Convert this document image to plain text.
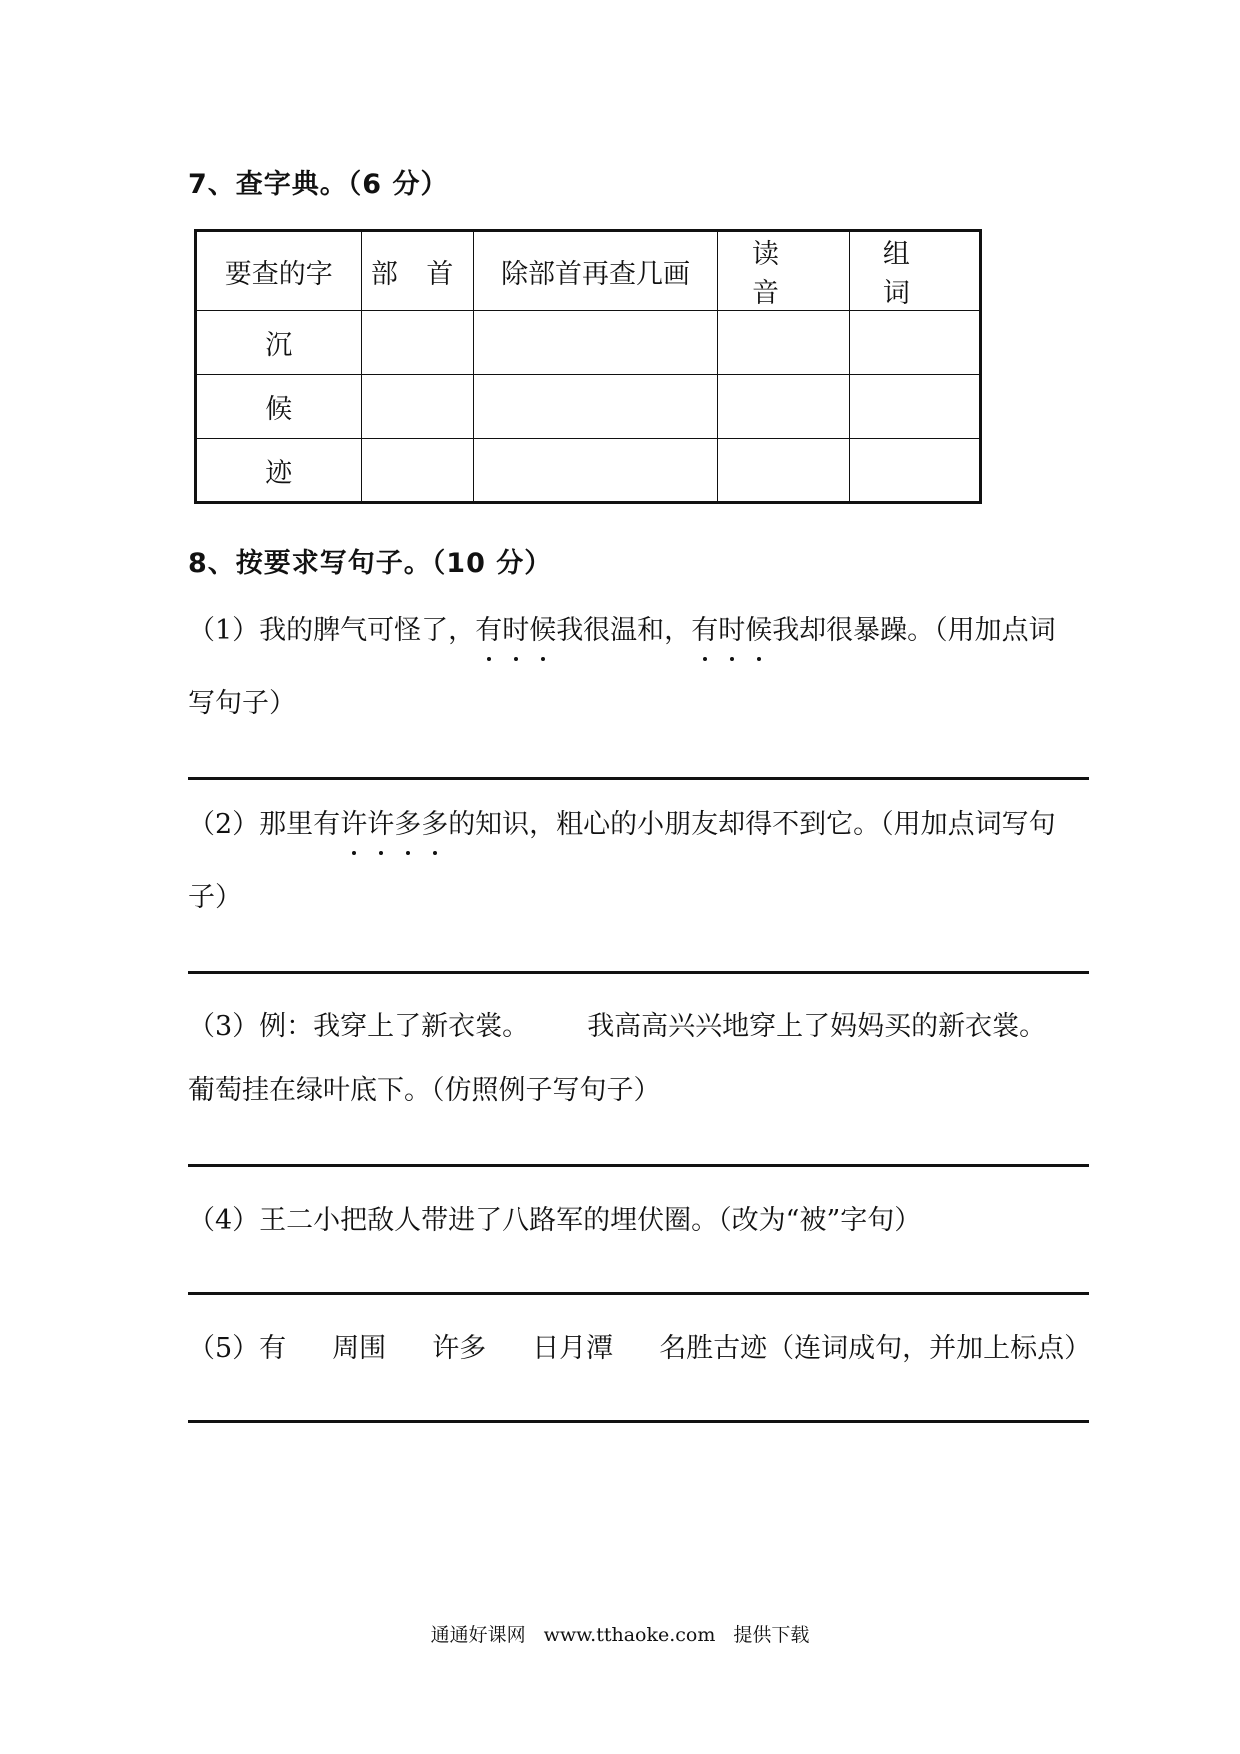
7、查字典。（6 分）
要查的字	部 首	除部首再查几画	读 音	组 词
沉				
候				
迹				
8、按要求写句子。（10 分）
（1）我的脾气可怪了，有时候我很温和，有时候我却很暴躁。（用加点词
写句子）
（2）那里有许许多多的知识，粗心的小朋友却得不到它。（用加点词写句
子）
（3）例：我穿上了新衣裳。 我高高兴兴地穿上了妈妈买的新衣裳。
葡萄挂在绿叶底下。（仿照例子写句子）
（4）王二小把敌人带进了八路军的埋伏圈。（改为“被”字句）
（5）有 周围 许多 日月潭 名胜古迹（连词成句，并加上标点）
通通好课网 www.tthaoke.com 提供下载
